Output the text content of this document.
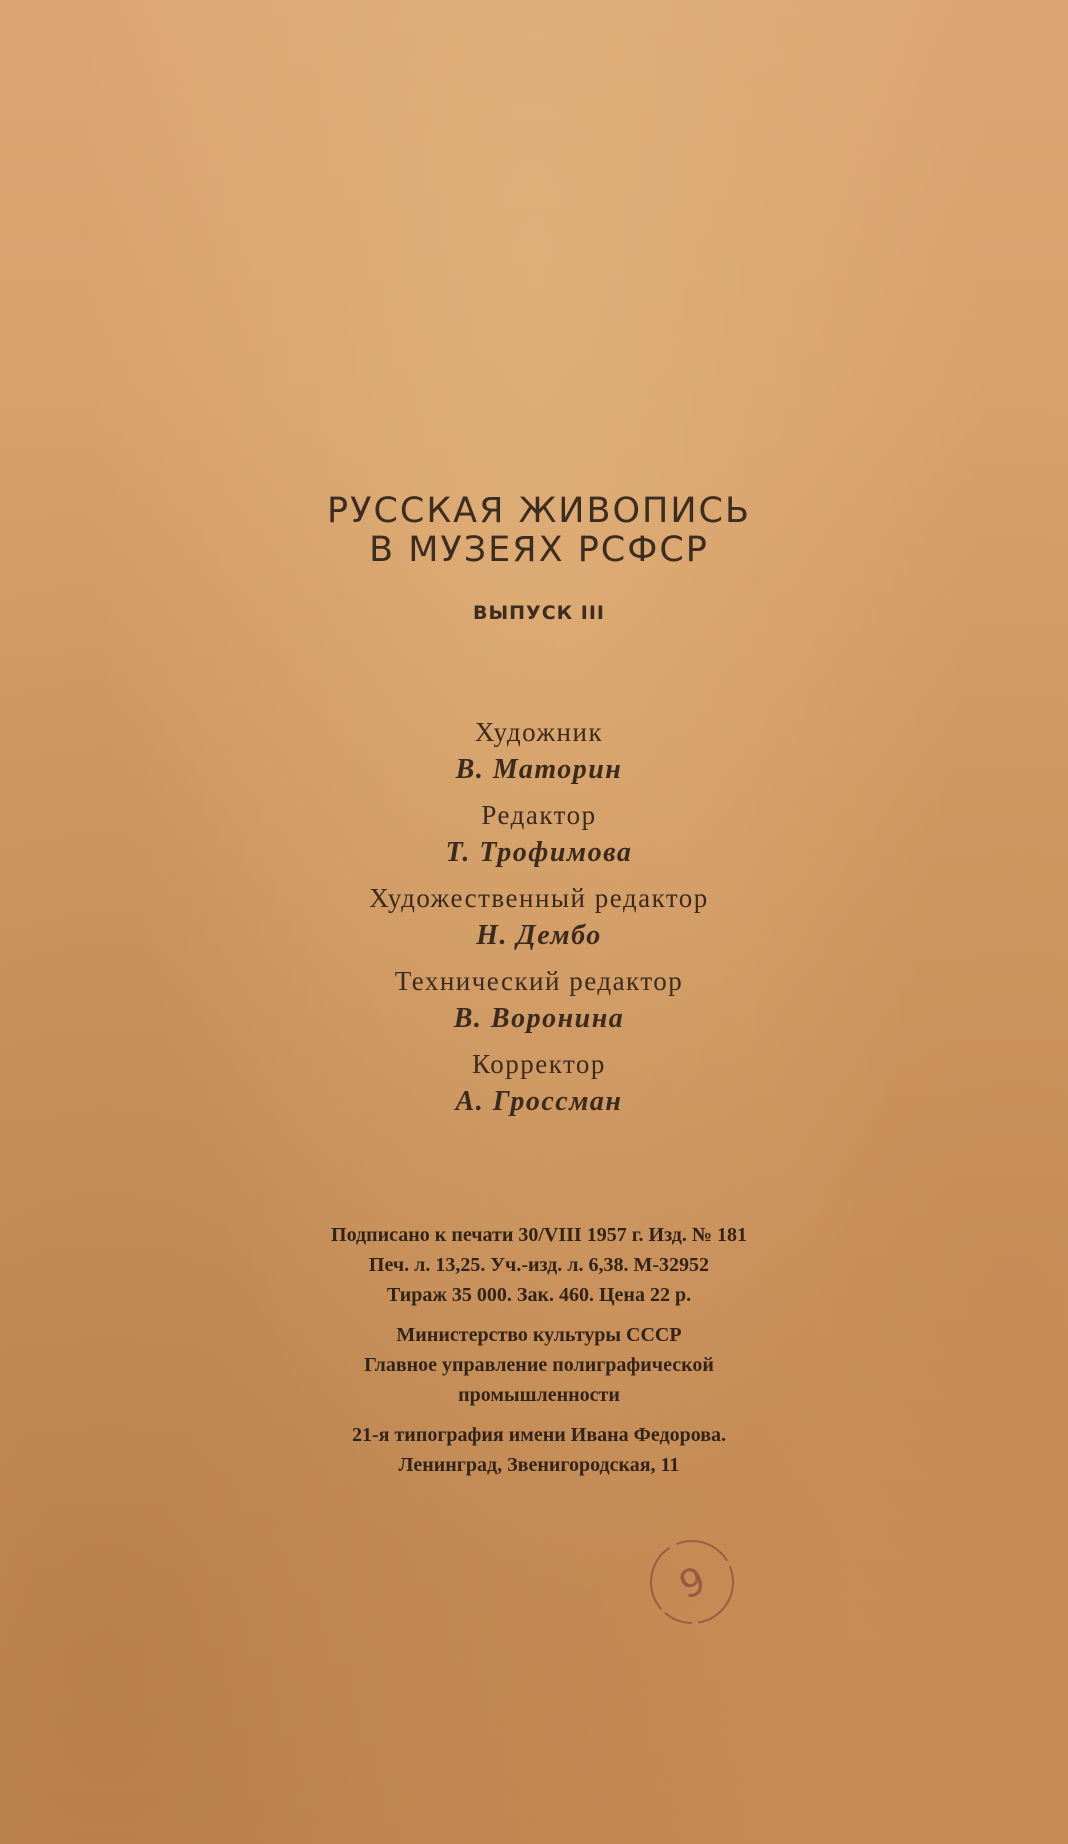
РУССКАЯ ЖИВОПИСЬ
В МУЗЕЯХ РСФСР
ВЫПУСК III
Художник
В. Маторин
Редактор
Т. Трофимова
Художественный редактор
Н. Дембо
Технический редактор
В. Воронина
Корректор
А. Гроссман
Подписано к печати 30/VIII 1957 г. Изд. № 181
Печ. л. 13,25. Уч.-изд. л. 6,38. М-32952
Тираж 35 000. Зак. 460. Цена 22 р.
Министерство культуры СССР
Главное управление полиграфической
промышленности
21-я типография имени Ивана Федорова.
Ленинград, Звенигородская, 11
9
